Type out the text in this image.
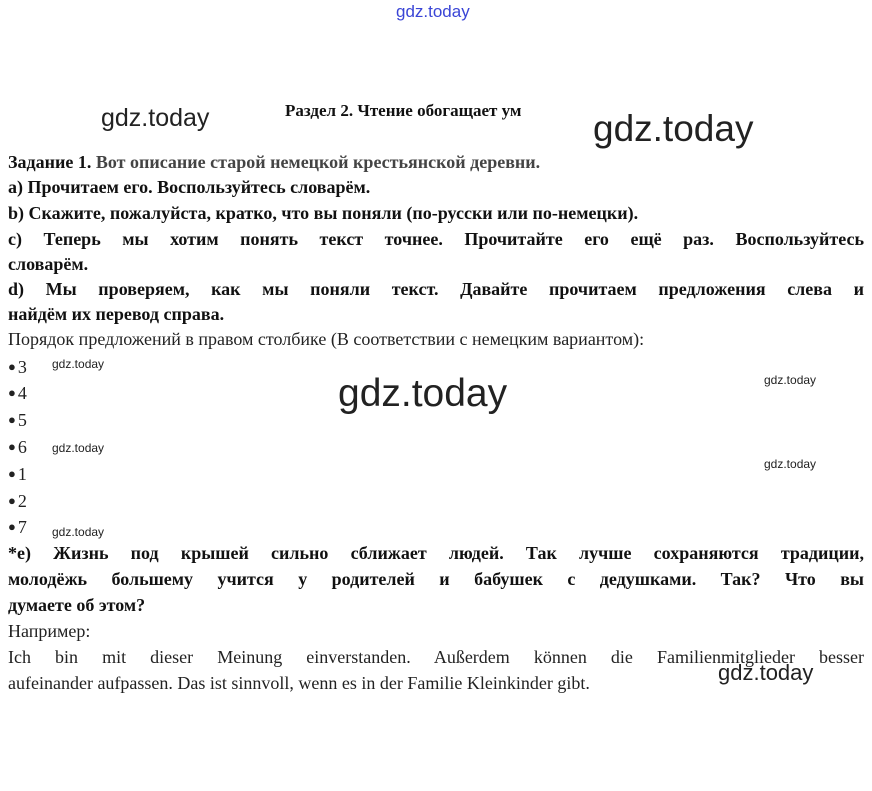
gdz.today
gdz.today	gdz.today
Раздел 2. Чтение обогащает ум
Задание 1. Вот описание старой немецкой крестьянской деревни.
a) Прочитаем его. Воспользуйтесь словарём.
b) Скажите, пожалуйста, кратко, что вы поняли (по-русски или по-немецки).
c) Теперь мы хотим понять текст точнее. Прочитайте его ещё раз. Воспользуйтесь
словарём.
d) Мы проверяем, как мы поняли текст. Давайте прочитаем предложения слева и
найдём их перевод справа.
Порядок предложений в правом столбике (В соответствии с немецким вариантом):
● 3
● 4
● 5
● 6
● 1
● 2
● 7
gdz.today
gdz.today
gdz.today
gdz.today
gdz.today
gdz.today
*e) Жизнь под крышей сильно сближает людей. Так лучше сохраняются традиции,
молодёжь большему учится у родителей и бабушек с дедушками. Так? Что вы
думаете об этом?
Например:
Ich bin mit dieser Meinung einverstanden. Außerdem können die Familienmitglieder besser
aufeinander aufpassen. Das ist sinnvoll, wenn es in der Familie Kleinkinder gibt.	gdz.today
